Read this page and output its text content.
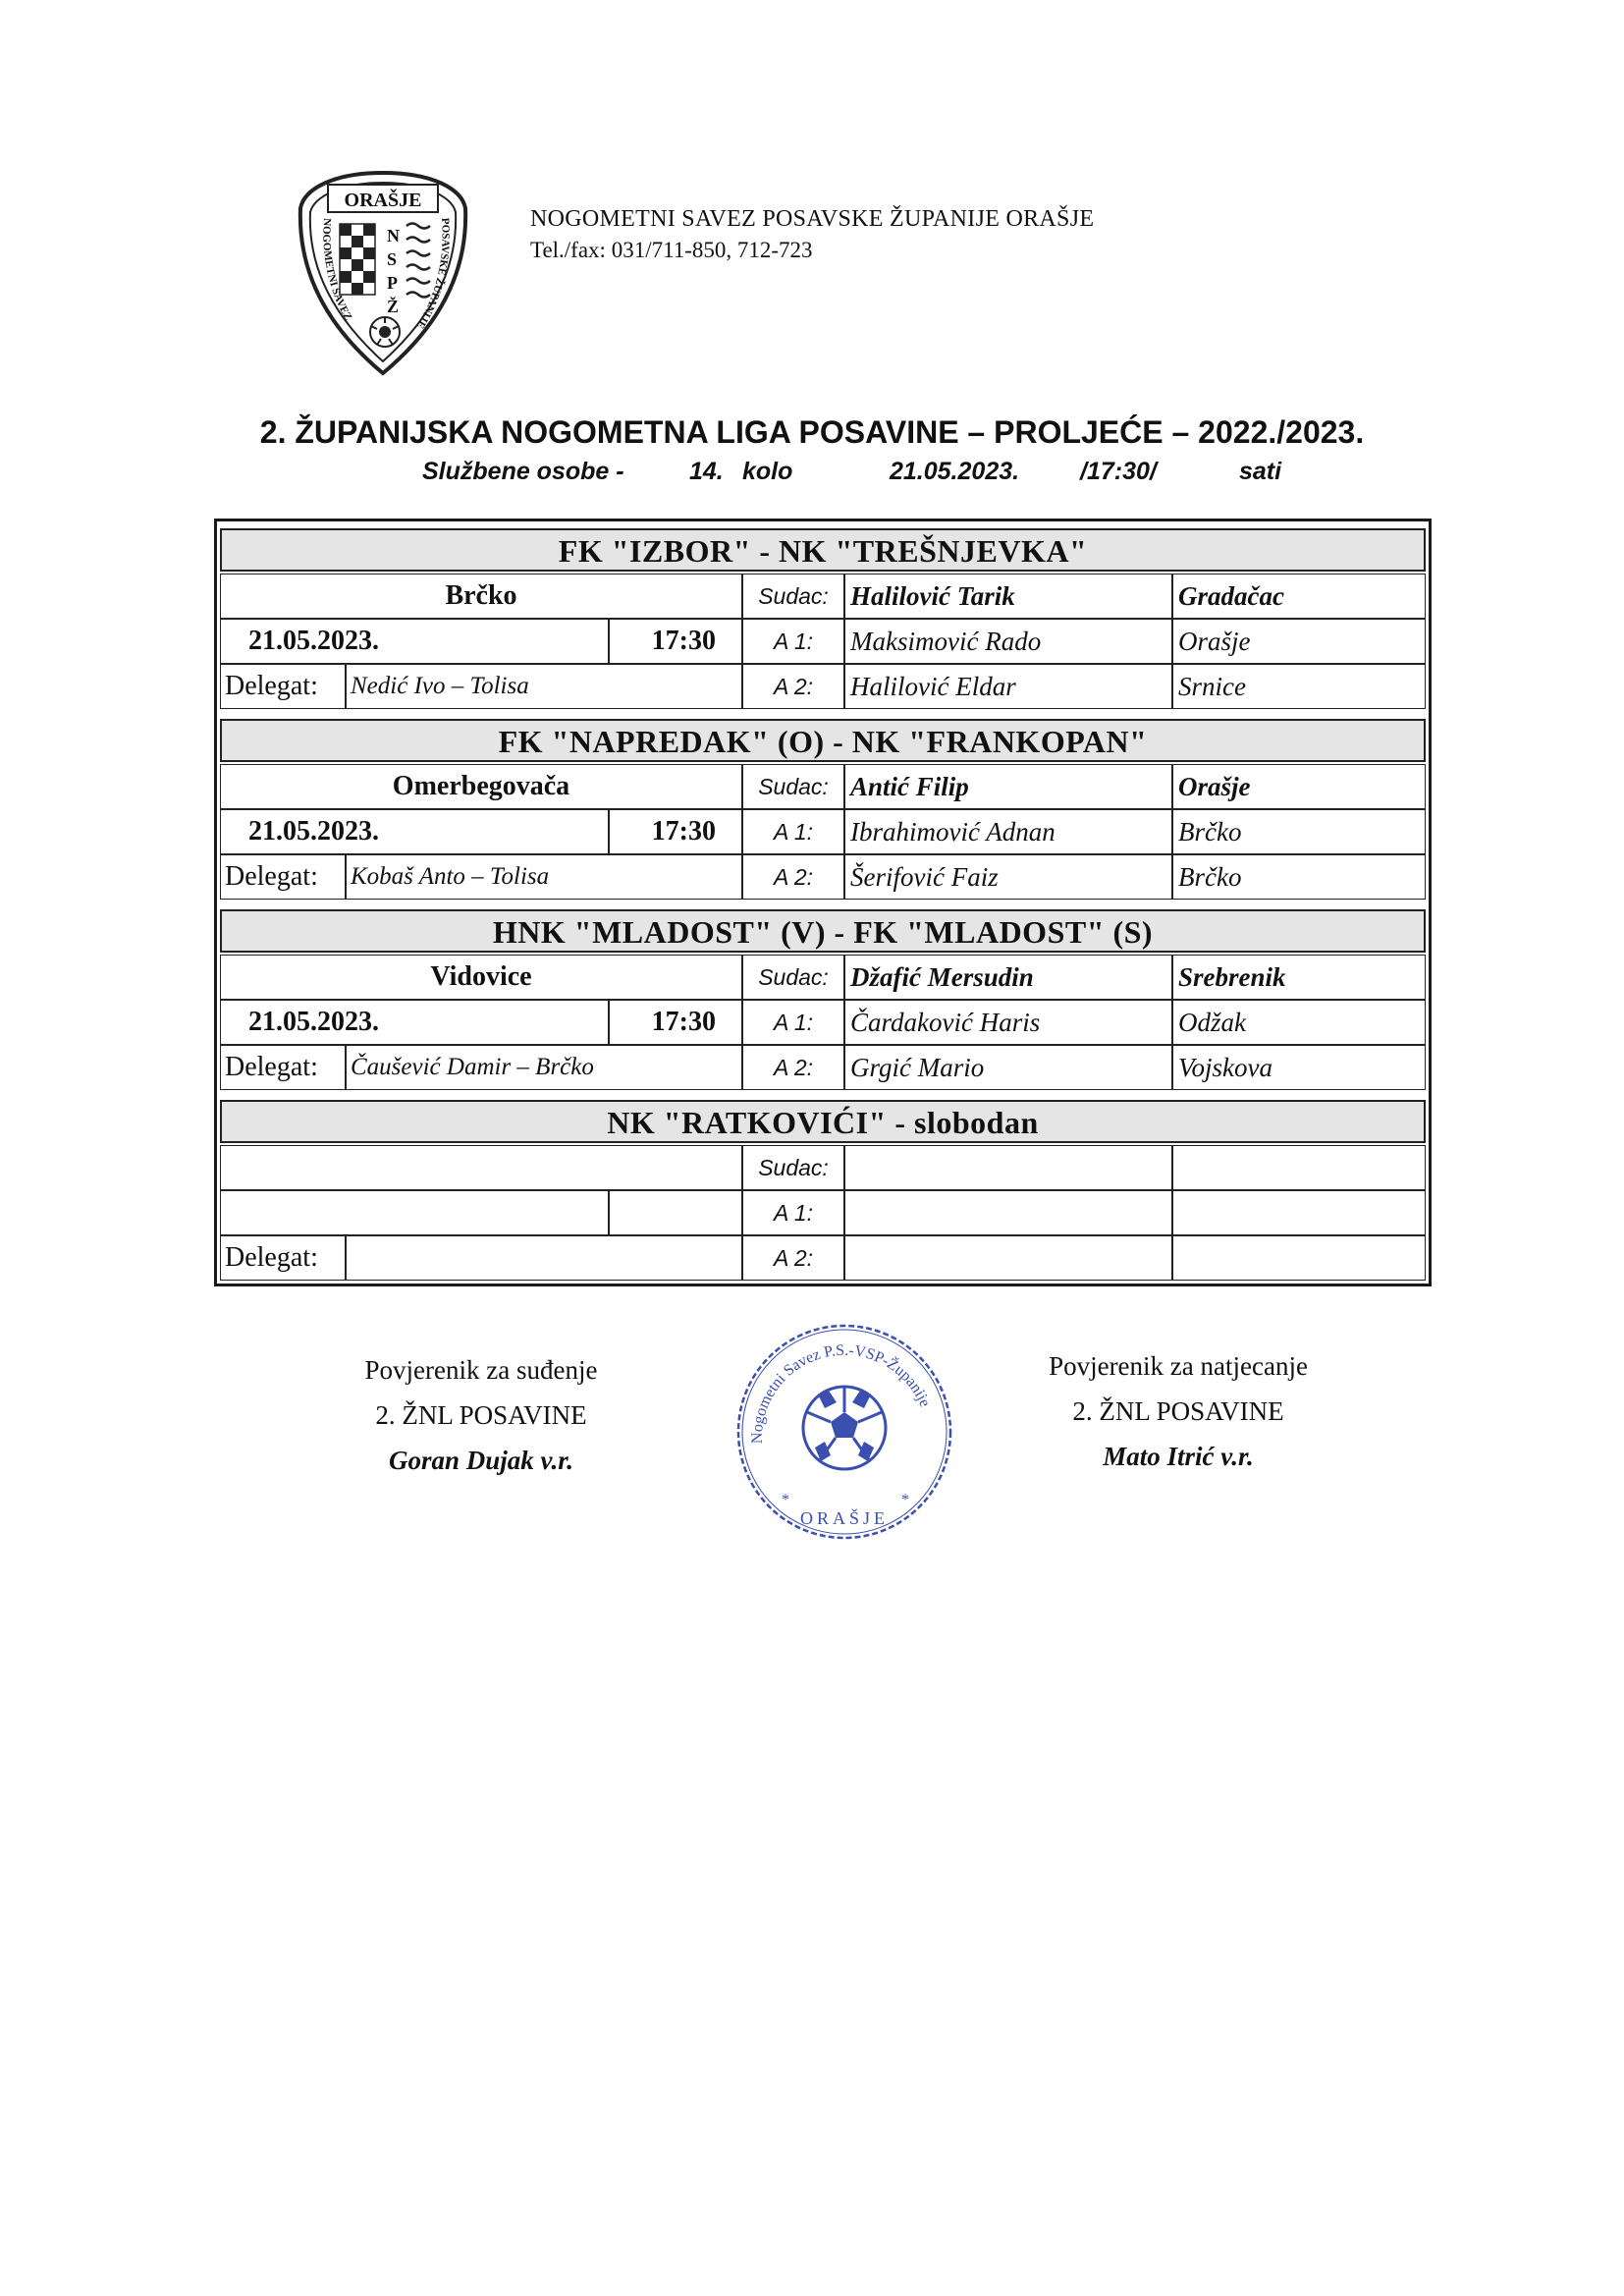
ORAŠJE
N
S
P
Ž
NOGOMETNI SAVEZ
POSAVSKE ŽUPANIJE
NOGOMETNI SAVEZ POSAVSKE ŽUPANIJE ORAŠJE
Tel./fax: 031/711-850, 712-723
2. ŽUPANIJSKA NOGOMETNA LIGA POSAVINE – PROLJEĆE – 2022./2023.
Službene osobe -	14. kolo	21.05.2023. /17:30/	sati
FK "IZBOR" - NK "TREŠNJEVKA"
Brčko	Sudac: Halilović Tarik	Gradačac
21.05.2023.	17:30	A 1:	Maksimović Rado	Orašje
Delegat:	Nedić Ivo – Tolisa	A 2:	Halilović Eldar	Srnice
FK "NAPREDAK" (O) - NK "FRANKOPAN"
Omerbegovača	Sudac: Antić Filip	Orašje
21.05.2023.	17:30	A 1:	Ibrahimović Adnan	Brčko
Delegat:	Kobaš Anto – Tolisa	A 2:	Šerifović Faiz	Brčko
HNK "MLADOST" (V) - FK "MLADOST" (S)
Vidovice	Sudac: Džafić Mersudin	Srebrenik
21.05.2023.	17:30	A 1:	Čardaković Haris	Odžak
Delegat:	Čaušević Damir – Brčko	A 2:	Grgić Mario	Vojskova
NK "RATKOVIĆI" - slobodan
Sudac:
A 1:
Delegat:	A 2:
Povjerenik za suđenje
2. ŽNL POSAVINE
Goran Dujak v.r.
Povjerenik za natjecanje
2. ŽNL POSAVINE
Mato Itrić v.r.
Nogometni Savez P.S.-VSP-Županije
ORAŠJE
*	*
